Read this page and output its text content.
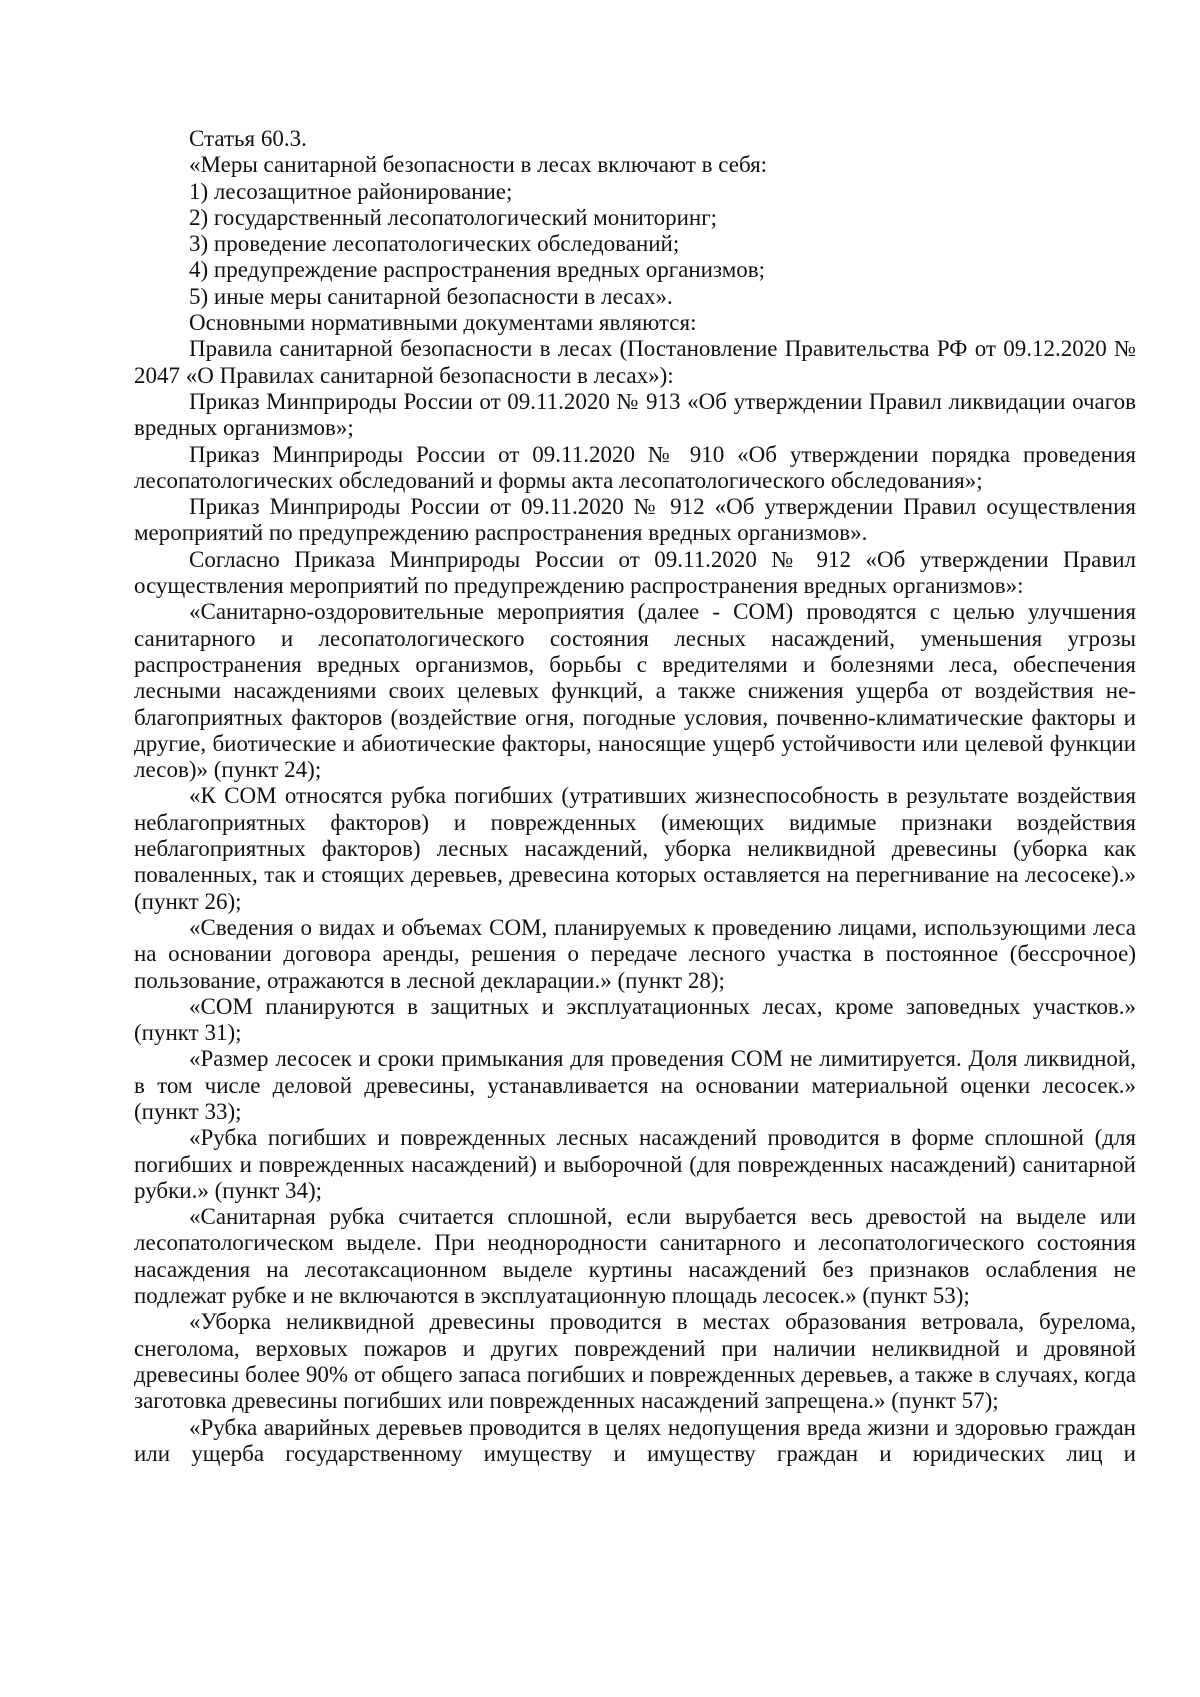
Статья 60.3.

«Меры санитарной безопасности в лесах включают в себя:

1) лесозащитное районирование;

2) государственный лесопатологический мониторинг;

3) проведение лесопатологических обследований;

4) предупреждение распространения вредных организмов;

5) иные меры санитарной безопасности в лесах».

Основными нормативными документами являются:

Правила санитарной безопасности в лесах (Постановление Правительства РФ от 09.12.2020 № 2047 «О Правилах санитарной безопасности в лесах»):

Приказ Минприроды России от 09.11.2020 № 913 «Об утверждении Правил ликвидации очагов вредных организмов»;

Приказ Минприроды России от 09.11.2020 № 910 «Об утверждении порядка проведения лесопатологических обследований и формы акта лесопатологического обследования»;

Приказ Минприроды России от 09.11.2020 № 912 «Об утверждении Правил осуществления мероприятий по предупреждению распространения вредных организмов».

Согласно Приказа Минприроды России от 09.11.2020 № 912 «Об утверждении Правил осуществления мероприятий по предупреждению распространения вредных организмов»:

«Санитарно-оздоровительные мероприятия (далее - СОМ) проводятся с целью улучшения санитарного и лесопатологического состояния лесных насаждений, уменьшения угрозы распространения вредных организмов, борьбы с вредителями и болезнями леса, обеспечения лесными насаждениями своих целевых функций, а также снижения ущерба от воздействия неблагоприятных факторов (воздействие огня, погодные условия, почвенно-климатические факторы и другие, биотические и абиотические факторы, наносящие ущерб устойчивости или целевой функции лесов)» (пункт 24);

«К СОМ относятся рубка погибших (утративших жизнеспособность в результате воздействия неблагоприятных факторов) и поврежденных (имеющих видимые признаки воздействия неблагоприятных факторов) лесных насаждений, уборка неликвидной древесины (уборка как поваленных, так и стоящих деревьев, древесина которых оставляется на перегнивание на лесосеке).» (пункт 26);

«Сведения о видах и объемах СОМ, планируемых к проведению лицами, использующими леса на основании договора аренды, решения о передаче лесного участка в постоянное (бессрочное) пользование, отражаются в лесной декларации.» (пункт 28);

«СОМ планируются в защитных и эксплуатационных лесах, кроме заповедных участков.» (пункт 31);

«Размер лесосек и сроки примыкания для проведения СОМ не лимитируется. Доля ликвидной, в том числе деловой древесины, устанавливается на основании материальной оценки лесосек.» (пункт 33);

«Рубка погибших и поврежденных лесных насаждений проводится в форме сплошной (для погибших и поврежденных насаждений) и выборочной (для поврежденных насаждений) санитарной рубки.» (пункт 34);

«Санитарная рубка считается сплошной, если вырубается весь древостой на выделе или лесопатологическом выделе. При неоднородности санитарного и лесопатологического состояния насаждения на лесотаксационном выделе куртины насаждений без признаков ослабления не подлежат рубке и не включаются в эксплуатационную площадь лесосек.» (пункт 53);

«Уборка неликвидной древесины проводится в местах образования ветровала, бурелома, снеголома, верховых пожаров и других повреждений при наличии неликвидной и дровяной древесины более 90% от общего запаса погибших и поврежденных деревьев, а также в случаях, когда заготовка древесины погибших или поврежденных насаждений запрещена.» (пункт 57);

«Рубка аварийных деревьев проводится в целях недопущения вреда жизни и здоровью граждан или ущерба государственному имуществу и имуществу граждан и юридических лиц и
